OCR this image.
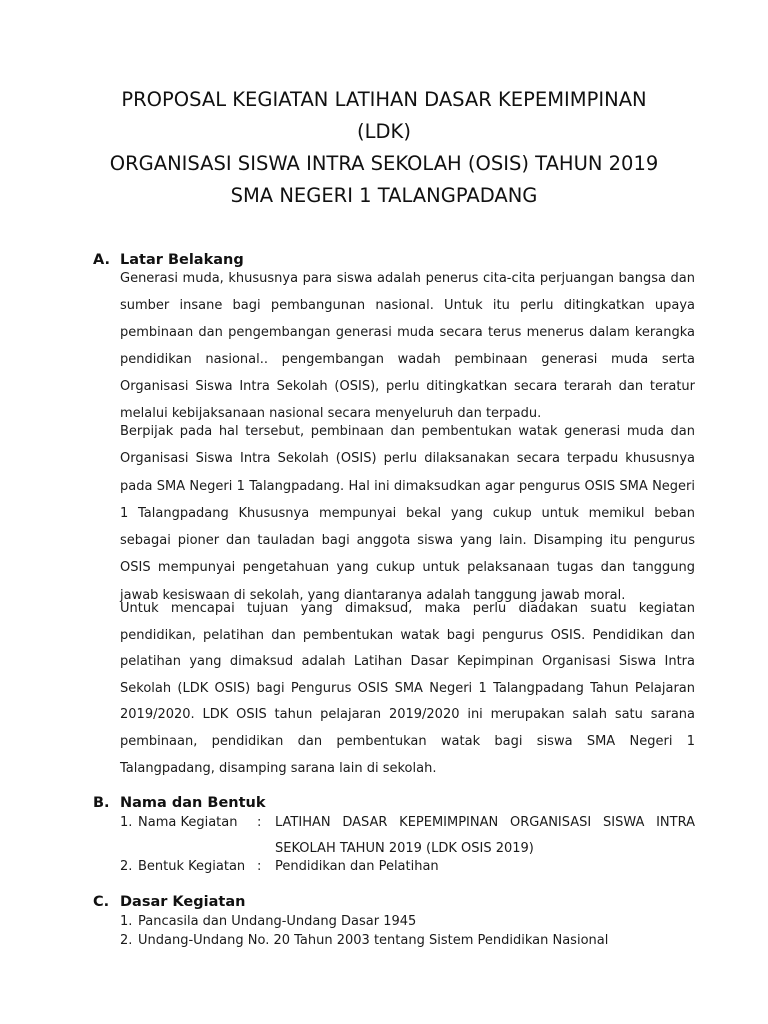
PROPOSAL KEGIATAN LATIHAN DASAR KEPEMIMPINAN
(LDK)
ORGANISASI SISWA INTRA SEKOLAH (OSIS) TAHUN 2019
SMA NEGERI 1 TALANGPADANG
A. Latar Belakang

Generasi muda, khususnya para siswa adalah penerus cita-cita perjuangan bangsa dan sumber insane bagi pembangunan nasional. Untuk itu perlu ditingkatkan upaya pembinaan dan pengembangan generasi muda secara terus menerus dalam kerangka pendidikan nasional.. pengembangan wadah pembinaan generasi muda serta Organisasi Siswa Intra Sekolah (OSIS), perlu ditingkatkan secara terarah dan teratur melalui kebijaksanaan nasional secara menyeluruh dan terpadu.

Berpijak pada hal tersebut, pembinaan dan pembentukan watak generasi muda dan Organisasi Siswa Intra Sekolah (OSIS) perlu dilaksanakan secara terpadu khususnya pada SMA Negeri 1 Talangpadang. Hal ini dimaksudkan agar pengurus OSIS SMA Negeri 1 Talangpadang Khususnya mempunyai bekal yang cukup untuk memikul beban sebagai pioner dan tauladan bagi anggota siswa yang lain. Disamping itu pengurus OSIS mempunyai pengetahuan yang cukup untuk pelaksanaan tugas dan tanggung jawab kesiswaan di sekolah, yang diantaranya adalah tanggung jawab moral.

Untuk mencapai tujuan yang dimaksud, maka perlu diadakan suatu kegiatan pendidikan, pelatihan dan pembentukan watak bagi pengurus OSIS. Pendidikan dan pelatihan yang dimaksud adalah Latihan Dasar Kepimpinan Organisasi Siswa Intra Sekolah (LDK OSIS) bagi Pengurus OSIS SMA Negeri 1 Talangpadang Tahun Pelajaran 2019/2020. LDK OSIS tahun pelajaran 2019/2020 ini merupakan salah satu sarana pembinaan, pendidikan dan pembentukan watak bagi siswa SMA Negeri 1 Talangpadang, disamping sarana lain di sekolah.

B. Nama dan Bentuk
1. Nama Kegiatan : LATIHAN DASAR KEPEMIMPINAN ORGANISASI SISWA INTRA
SEKOLAH TAHUN 2019 (LDK OSIS 2019)
2. Bentuk Kegiatan : Pendidikan dan Pelatihan
C. Dasar Kegiatan
1. Pancasila dan Undang-Undang Dasar 1945
2. Undang-Undang No. 20 Tahun 2003 tentang Sistem Pendidikan Nasional
